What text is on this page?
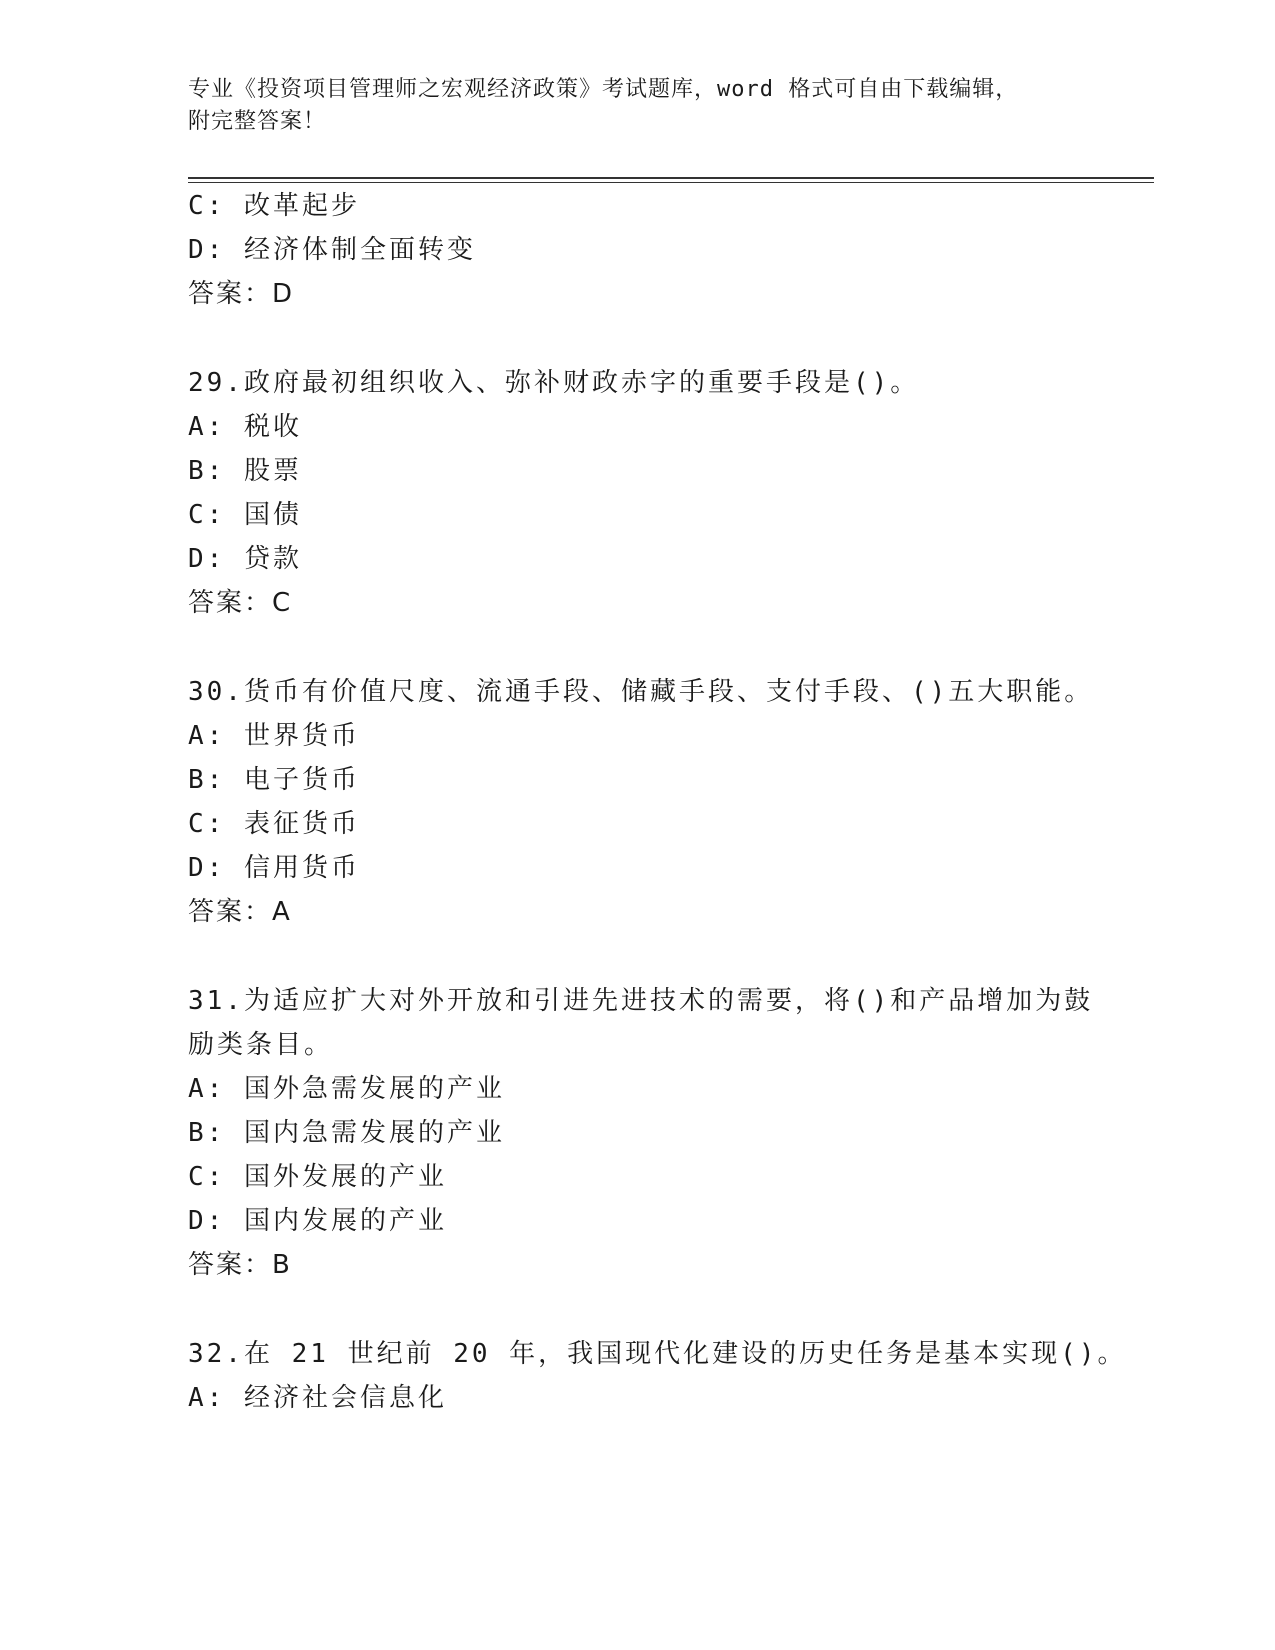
专业《投资项目管理师之宏观经济政策》考试题库，word 格式可自由下载编辑，
附完整答案！
C: 改革起步
D: 经济体制全面转变
答案：D
29.政府最初组织收入、弥补财政赤字的重要手段是()。
A: 税收
B: 股票
C: 国债
D: 贷款
答案：C
30.货币有价值尺度、流通手段、储藏手段、支付手段、()五大职能。
A: 世界货币
B: 电子货币
C: 表征货币
D: 信用货币
答案：A
31.为适应扩大对外开放和引进先进技术的需要，将()和产品增加为鼓
励类条目。
A: 国外急需发展的产业
B: 国内急需发展的产业
C: 国外发展的产业
D: 国内发展的产业
答案：B
32.在 21 世纪前 20 年，我国现代化建设的历史任务是基本实现()。
A: 经济社会信息化
